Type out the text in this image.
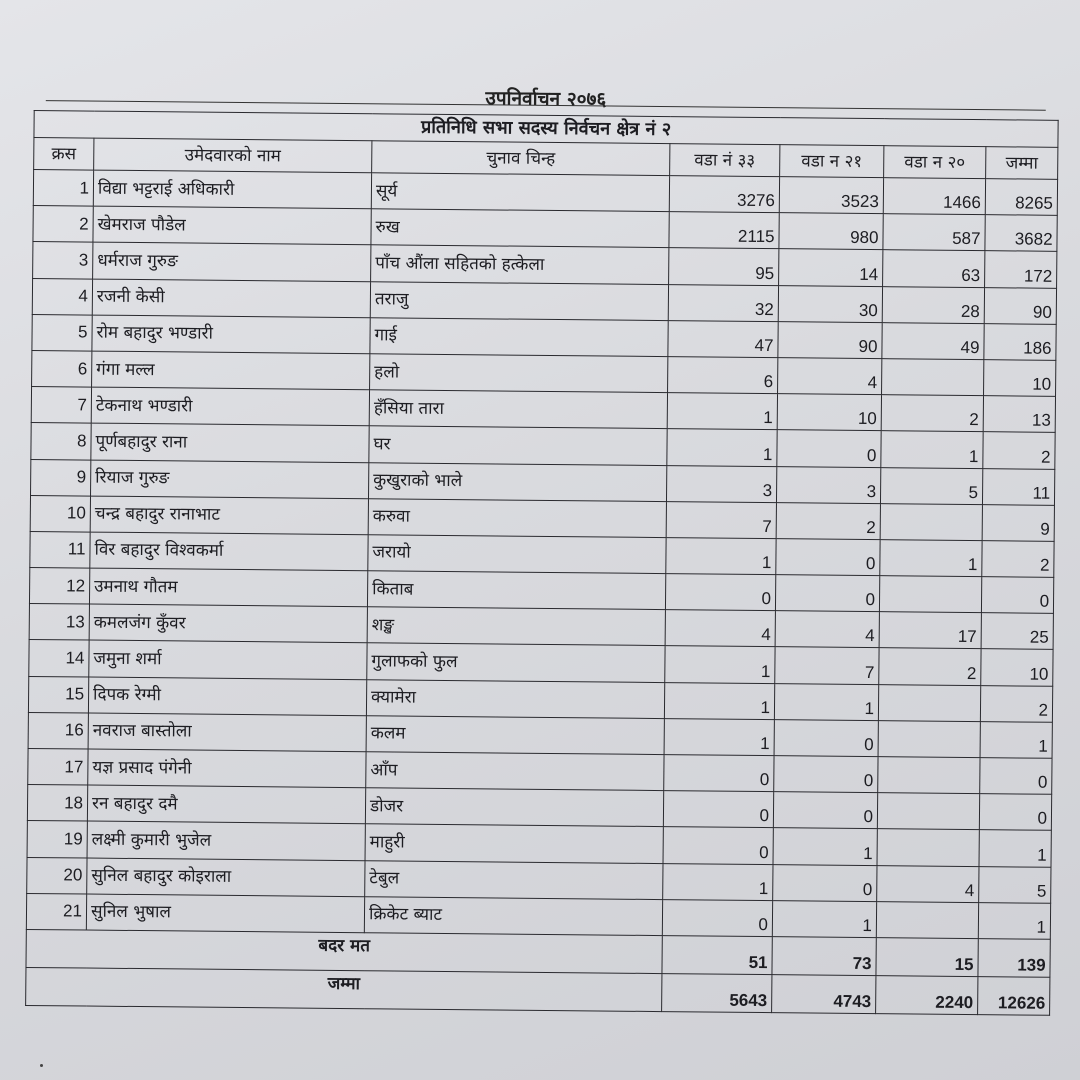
उपनिर्वाचन २०७६
प्रतिनिधि सभा सदस्य निर्वचन क्षेत्र नं २						
क्रस	उमेदवारको नाम	चुनाव चिन्ह	वडा नं ३३	वडा न २१	वडा न २०	जम्मा
1	विद्या भट्टराई अधिकारी	सूर्य	3276	3523	1466	8265
2	खेमराज पौडेल	रुख	2115	980	587	3682
3	धर्मराज गुरुङ	पाँच औंला सहितको हत्केला	95	14	63	172
4	रजनी केसी	तराजु	32	30	28	90
5	रोम बहादुर भण्डारी	गाई	47	90	49	186
6	गंगा मल्ल	हलो	6	4		10
7	टेकनाथ भण्डारी	हँसिया तारा	1	10	2	13
8	पूर्णबहादुर राना	घर	1	0	1	2
9	रियाज गुरुङ	कुखुराको भाले	3	3	5	11
10	चन्द्र बहादुर रानाभाट	करुवा	7	2		9
11	विर बहादुर विश्वकर्मा	जरायो	1	0	1	2
12	उमनाथ गौतम	किताब	0	0		0
13	कमलजंग कुँवर	शङ्ख	4	4	17	25
14	जमुना शर्मा	गुलाफको फुल	1	7	2	10
15	दिपक रेग्मी	क्यामेरा	1	1		2
16	नवराज बास्तोला	कलम	1	0		1
17	यज्ञ प्रसाद पंगेनी	आँप	0	0		0
18	रन बहादुर दमै	डोजर	0	0		0
19	लक्ष्मी कुमारी भुजेल	माहुरी	0	1		1
20	सुनिल बहादुर कोइराला	टेबुल	1	0	4	5
21	सुनिल भुषाल	क्रिकेट ब्याट	0	1		1
बदर मत			51	73	15	139
जम्मा			5643	4743	2240	12626
